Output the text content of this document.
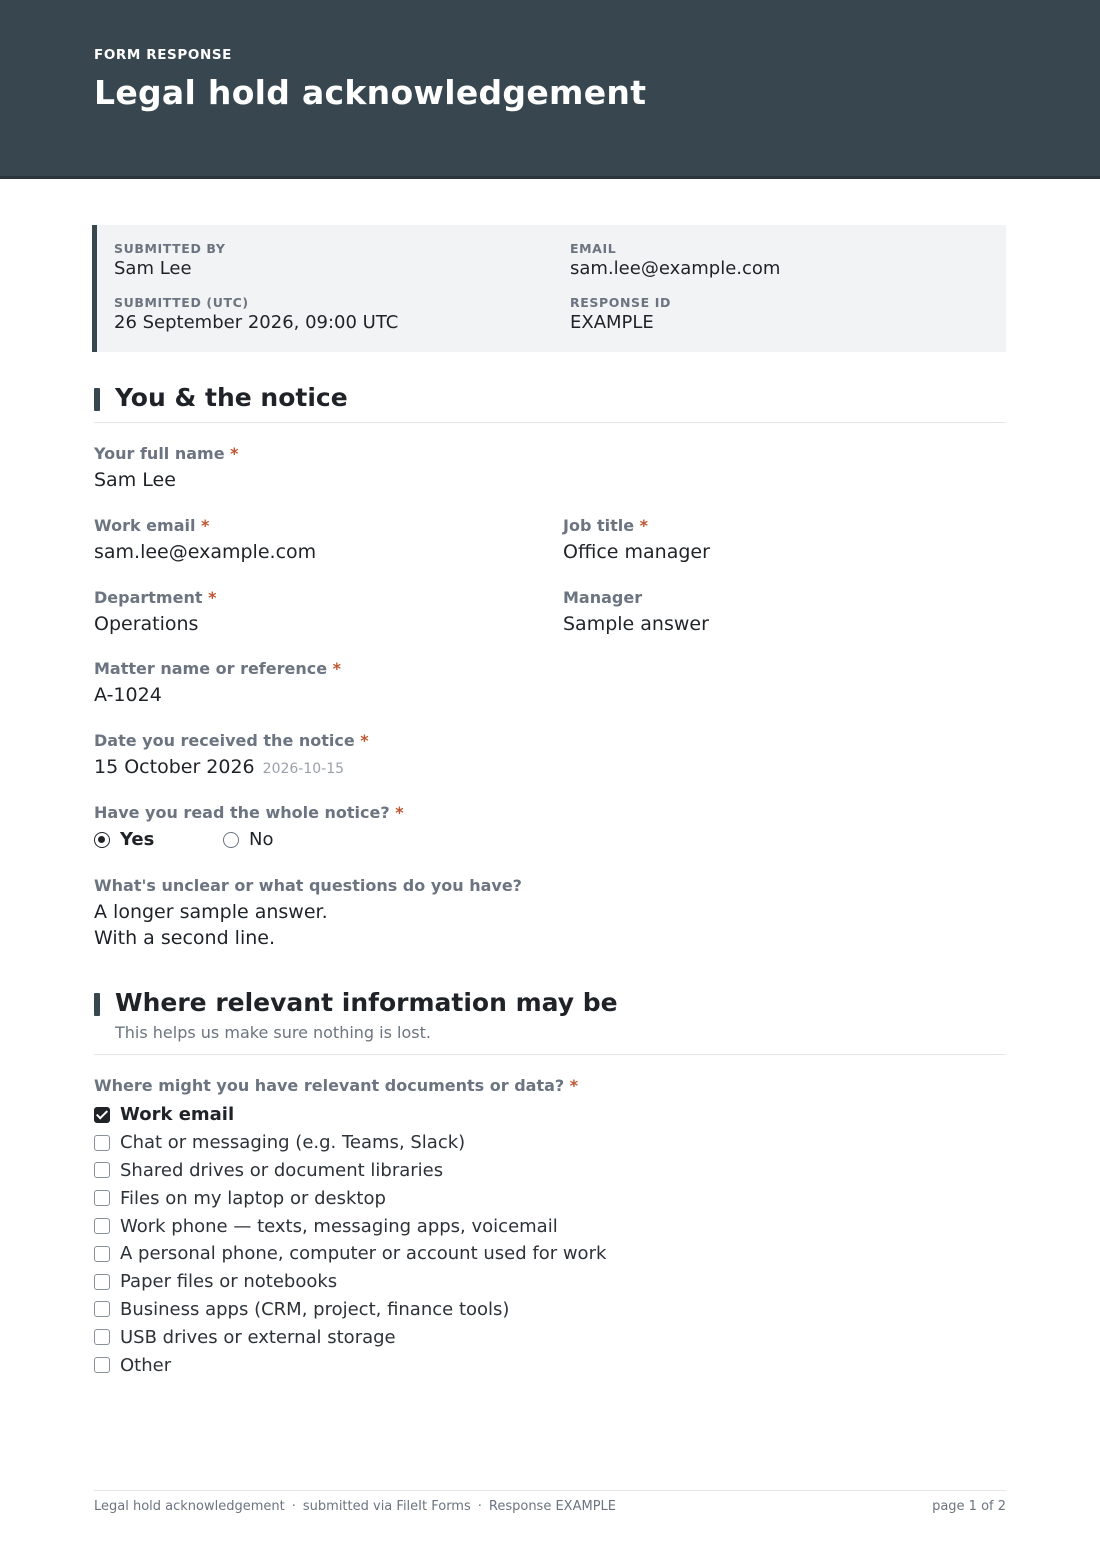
FORM RESPONSE
Legal hold acknowledgement
SUBMITTED BY
Sam Lee
EMAIL
sam.lee@example.com
SUBMITTED (UTC)
26 September 2026, 09:00 UTC
RESPONSE ID
EXAMPLE
You & the notice
Your full name *
Sam Lee
Work email *
sam.lee@example.com
Job title *
Office manager
Department *
Operations
Manager
Sample answer
Matter name or reference *
A-1024
Date you received the notice *
15 October 2026 2026-10-15
Have you read the whole notice? *
Yes	No
What's unclear or what questions do you have?
A longer sample answer.
With a second line.
Where relevant information may be
This helps us make sure nothing is lost.
Where might you have relevant documents or data? *
Work email
Chat or messaging (e.g. Teams, Slack)
Shared drives or document libraries
Files on my laptop or desktop
Work phone — texts, messaging apps, voicemail
A personal phone, computer or account used for work
Paper files or notebooks
Business apps (CRM, project, finance tools)
USB drives or external storage
Other
Legal hold acknowledgement · submitted via FileIt Forms · Response EXAMPLE	page 1 of 2
